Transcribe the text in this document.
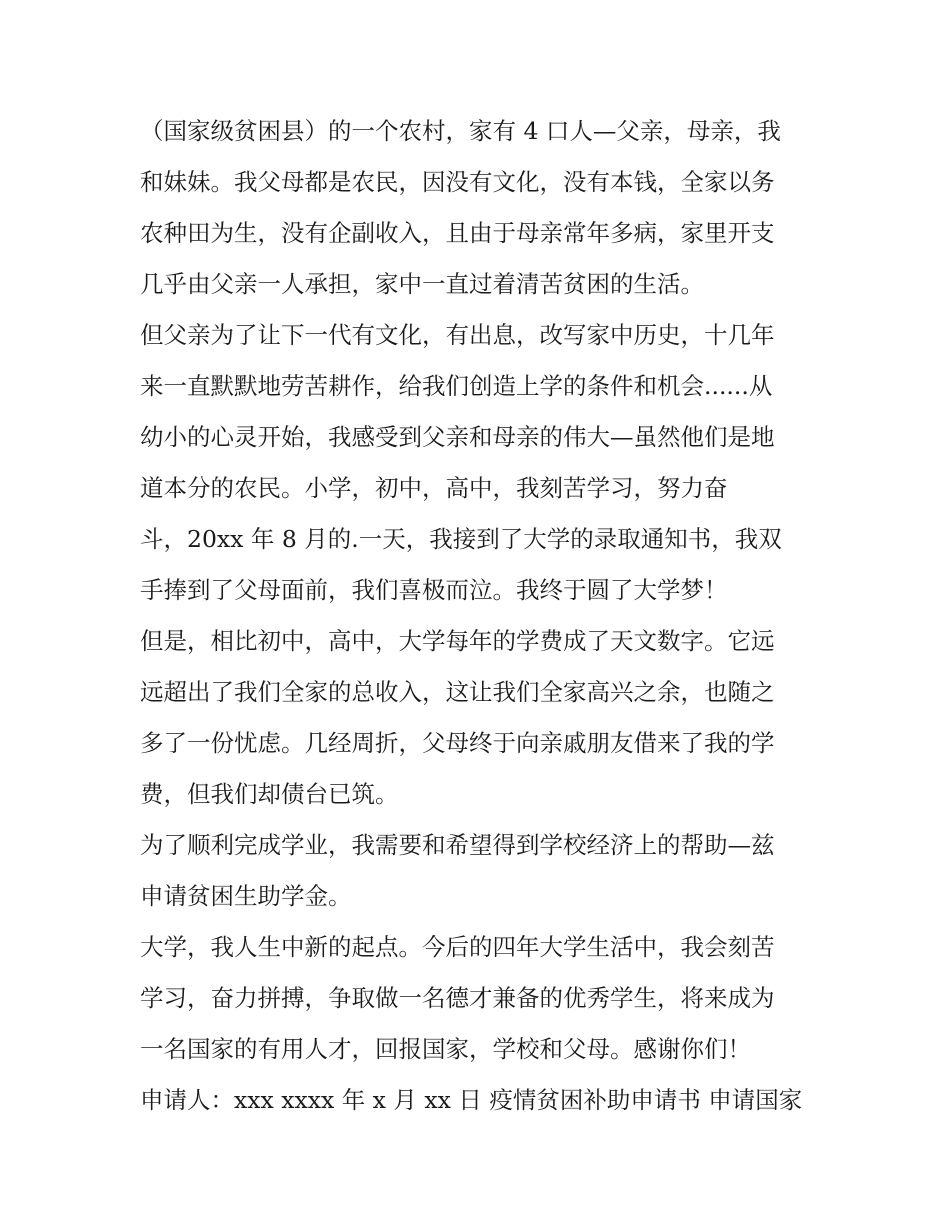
（国家级贫困县）的一个农村，家有 4 口人—父亲，母亲，我
和妹妹。我父母都是农民，因没有文化，没有本钱，全家以务
农种田为生，没有企副收入，且由于母亲常年多病，家里开支
几乎由父亲一人承担，家中一直过着清苦贫困的生活。
但父亲为了让下一代有文化，有出息，改写家中历史，十几年
来一直默默地劳苦耕作，给我们创造上学的条件和机会......从
幼小的心灵开始，我感受到父亲和母亲的伟大—虽然他们是地
道本分的农民。小学，初中，高中，我刻苦学习，努力奋
斗，20xx 年 8 月的.一天，我接到了大学的录取通知书，我双
手捧到了父母面前，我们喜极而泣。我终于圆了大学梦！
但是，相比初中，高中，大学每年的学费成了天文数字。它远
远超出了我们全家的总收入，这让我们全家高兴之余，也随之
多了一份忧虑。几经周折，父母终于向亲戚朋友借来了我的学
费，但我们却债台已筑。
为了顺利完成学业，我需要和希望得到学校经济上的帮助—兹
申请贫困生助学金。
大学，我人生中新的起点。今后的四年大学生活中，我会刻苦
学习，奋力拼搏，争取做一名德才兼备的优秀学生，将来成为
一名国家的有用人才，回报国家，学校和父母。感谢你们！
申请人：xxx xxxx 年 x 月 xx 日 疫情贫困补助申请书 申请国家
